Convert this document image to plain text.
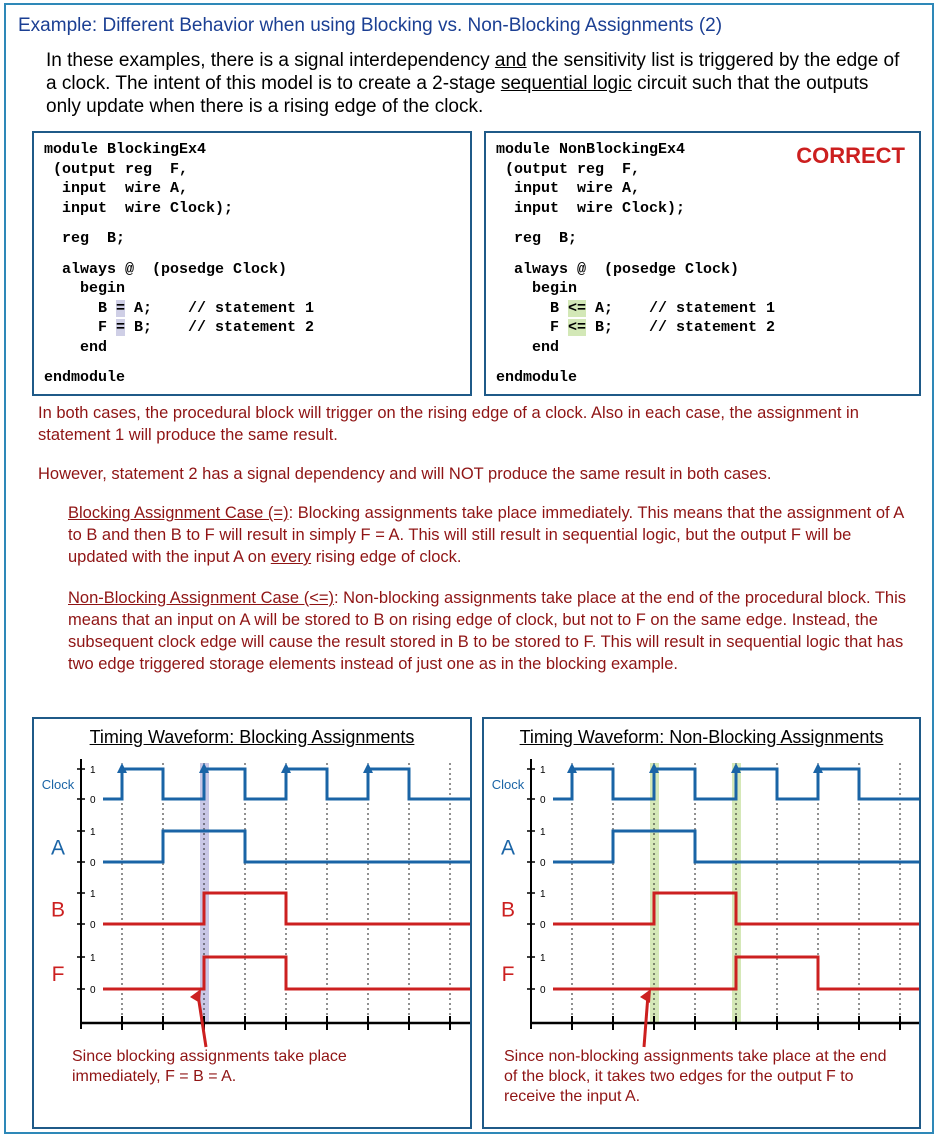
Example: Different Behavior when using Blocking vs. Non-Blocking Assignments (2)
In these examples, there is a signal interdependency and the sensitivity list is triggered by the edge of a clock. The intent of this model is to create a 2-stage sequential logic circuit such that the outputs only update when there is a rising edge of the clock.
module BlockingEx4
(output reg  F,
input  wire A,
input  wire Clock);
reg  B;
always @  (posedge Clock)
begin
B = A;    // statement 1
F = B;    // statement 2
end
endmodule
CORRECT
module NonBlockingEx4
(output reg  F,
input  wire A,
input  wire Clock);
reg  B;
always @  (posedge Clock)
begin
B <= A;    // statement 1
F <= B;    // statement 2
end
endmodule
In both cases, the procedural block will trigger on the rising edge of a clock. Also in each case, the assignment in statement 1 will produce the same result.
However, statement 2 has a signal dependency and will NOT produce the same result in both cases.
Blocking Assignment Case (=): Blocking assignments take place immediately. This means that the assignment of A to B and then B to F will result in simply F = A. This will still result in sequential logic, but the output F will be updated with the input A on every rising edge of clock.
Non-Blocking Assignment Case (<=): Non-blocking assignments take place at the end of the procedural block. This means that an input on A will be stored to B on rising edge of clock, but not to F on the same edge. Instead, the subsequent clock edge will cause the result stored in B to be stored to F. This will result in sequential logic that has two edge triggered storage elements instead of just one as in the blocking example.
Clock
1
0
A
1
0
B
1
0
F
1
0
Timing Waveform: Blocking Assignments
Since blocking assignments take place immediately, F = B = A.
Clock
1
0
A
1
0
B
1
0
F
1
0
Timing Waveform: Non-Blocking Assignments
Since non-blocking assignments take place at the end of the block, it takes two edges for the output F to receive the input A.
